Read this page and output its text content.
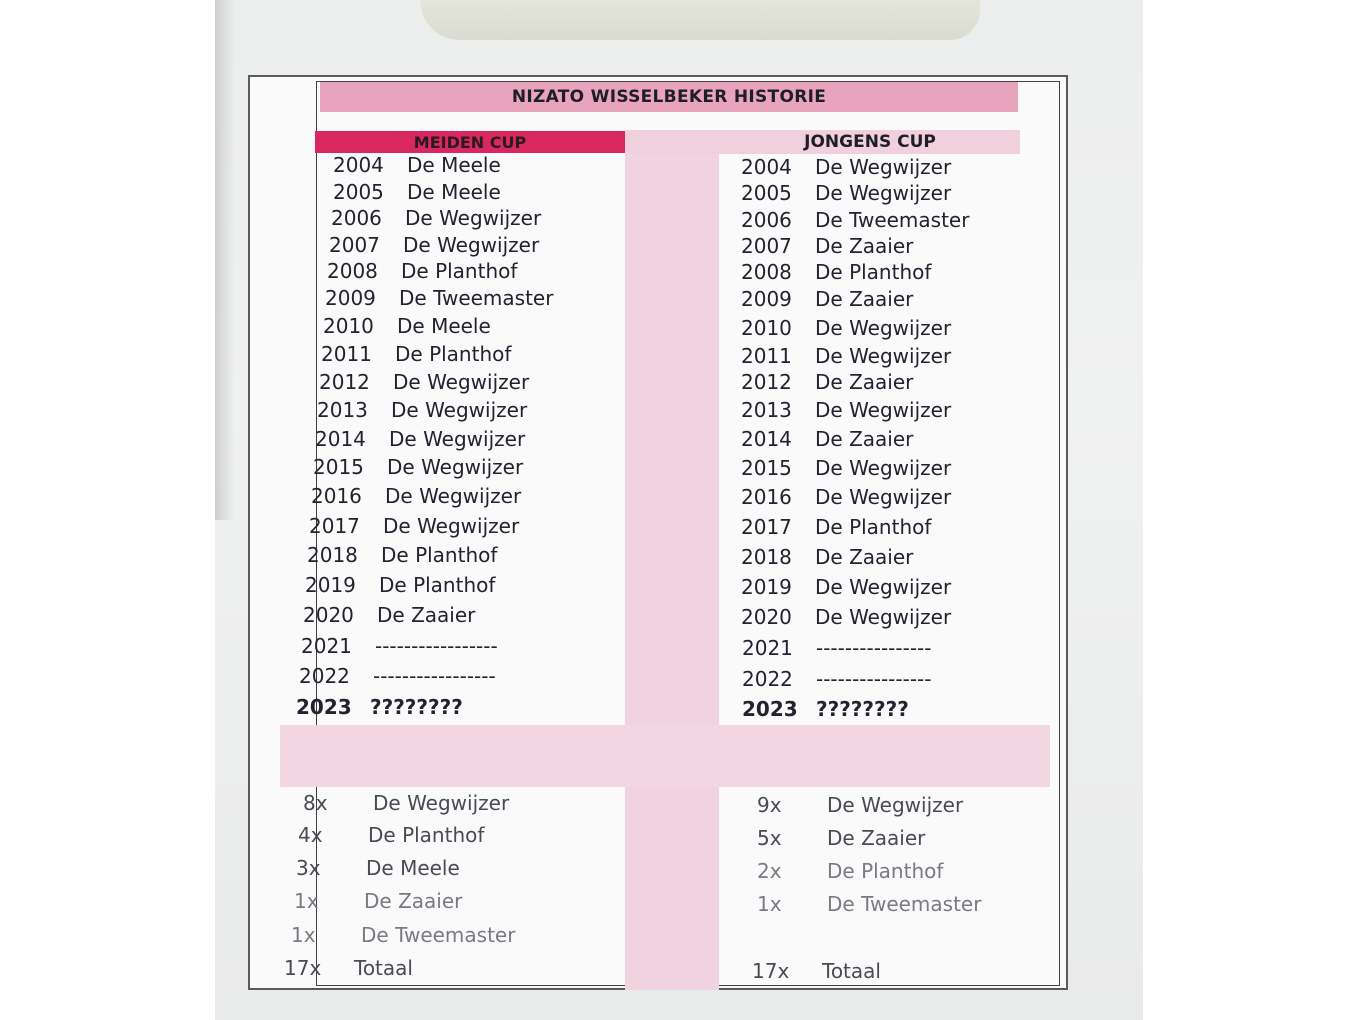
NIZATO WISSELBEKER HISTORIE
MEIDEN CUP	JONGENS CUP
2004 De Meele
2005 De Meele
2006 De Wegwijzer
2007 De Wegwijzer
2008 De Planthof
2009 De Tweemaster
2010 De Meele
2011 De Planthof
2012 De Wegwijzer
2013 De Wegwijzer
2014 De Wegwijzer
2015 De Wegwijzer
2016 De Wegwijzer
2017 De Wegwijzer
2018 De Planthof
2019 De Planthof
2020 De Zaaier
2021 -----------------
2022 -----------------
2023 ????????
2004 De Wegwijzer
2005 De Wegwijzer
2006 De Tweemaster
2007 De Zaaier
2008 De Planthof
2009 De Zaaier
2010 De Wegwijzer
2011 De Wegwijzer
2012 De Zaaier
2013 De Wegwijzer
2014 De Zaaier
2015 De Wegwijzer
2016 De Wegwijzer
2017 De Planthof
2018 De Zaaier
2019 De Wegwijzer
2020 De Wegwijzer
2021 ----------------
2022 ----------------
2023 ????????
8x De Wegwijzer
4x De Planthof
3x De Meele
1x De Zaaier
1x De Tweemaster
17x Totaal
9x De Wegwijzer
5x De Zaaier
2x De Planthof
1x De Tweemaster
17x Totaal
